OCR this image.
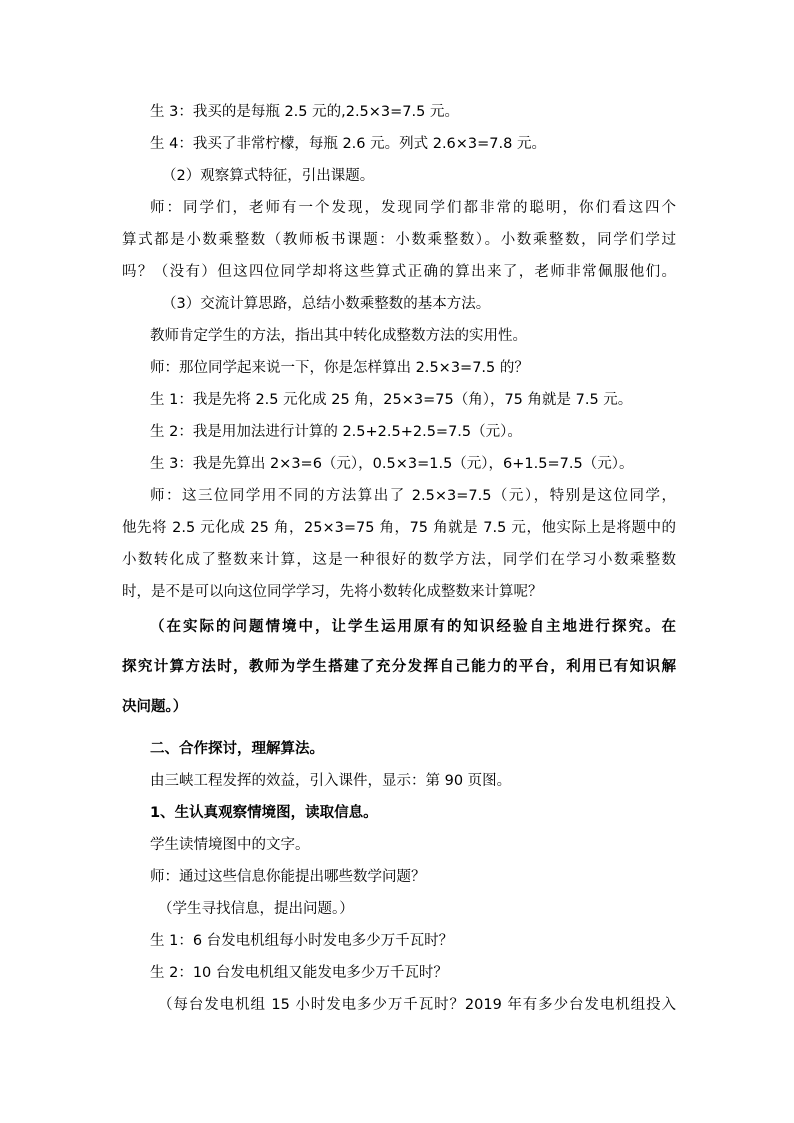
生 3：我买的是每瓶 2.5 元的,2.5×3=7.5 元。
生 4：我买了非常柠檬，每瓶 2.6 元。列式 2.6×3=7.8 元。
（2）观察算式特征，引出课题。
师：同学们，老师有一个发现，发现同学们都非常的聪明，你们看这四个
算式都是小数乘整数（教师板书课题：小数乘整数）。小数乘整数，同学们学过
吗？（没有）但这四位同学却将这些算式正确的算出来了，老师非常佩服他们。
（3）交流计算思路，总结小数乘整数的基本方法。
教师肯定学生的方法，指出其中转化成整数方法的实用性。
师：那位同学起来说一下，你是怎样算出 2.5×3=7.5 的？
生 1：我是先将 2.5 元化成 25 角，25×3=75（角），75 角就是 7.5 元。
生 2：我是用加法进行计算的 2.5+2.5+2.5=7.5（元）。
生 3：我是先算出 2×3=6（元），0.5×3=1.5（元），6+1.5=7.5（元）。
师：这三位同学用不同的方法算出了 2.5×3=7.5（元），特别是这位同学，
他先将 2.5 元化成 25 角，25×3=75 角，75 角就是 7.5 元，他实际上是将题中的
小数转化成了整数来计算，这是一种很好的数学方法，同学们在学习小数乘整数
时，是不是可以向这位同学学习，先将小数转化成整数来计算呢？
（在实际的问题情境中，让学生运用原有的知识经验自主地进行探究。在
探究计算方法时，教师为学生搭建了充分发挥自己能力的平台，利用已有知识解
决问题。）
二、合作探讨，理解算法。
由三峡工程发挥的效益，引入课件，显示：第 90 页图。
1、生认真观察情境图，读取信息。
学生读情境图中的文字。
师：通过这些信息你能提出哪些数学问题？
（学生寻找信息，提出问题。）
生 1：6 台发电机组每小时发电多少万千瓦时？
生 2：10 台发电机组又能发电多少万千瓦时？
（每台发电机组 15 小时发电多少万千瓦时？2019 年有多少台发电机组投入
